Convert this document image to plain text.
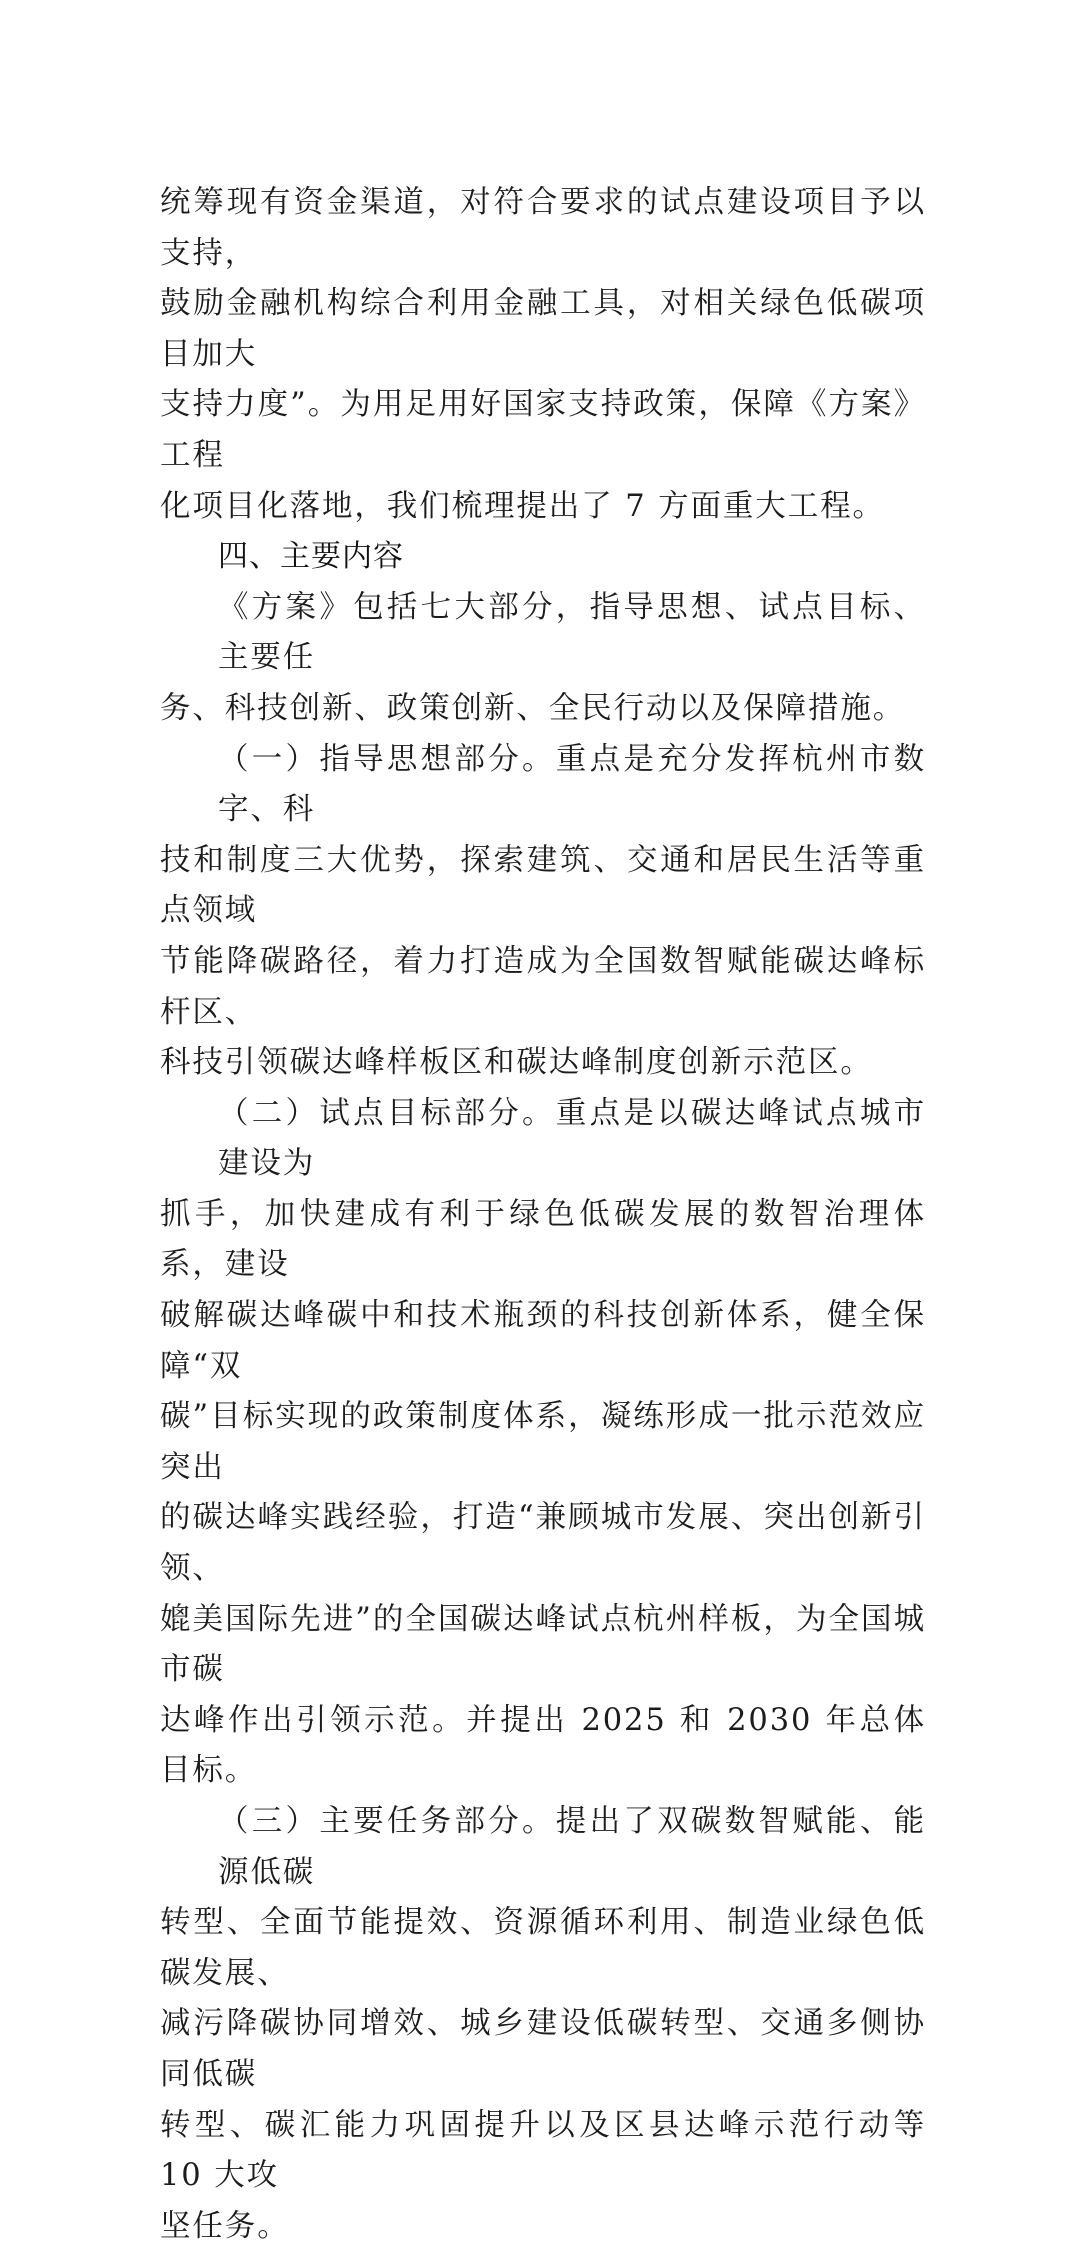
统筹现有资金渠道，对符合要求的试点建设项目予以支持，
鼓励金融机构综合利用金融工具，对相关绿色低碳项目加大
支持力度”。为用足用好国家支持政策，保障《方案》工程
化项目化落地，我们梳理提出了 7 方面重大工程。

四、主要内容

《方案》包括七大部分，指导思想、试点目标、主要任
务、科技创新、政策创新、全民行动以及保障措施。

（一）指导思想部分。重点是充分发挥杭州市数字、科
技和制度三大优势，探索建筑、交通和居民生活等重点领域
节能降碳路径，着力打造成为全国数智赋能碳达峰标杆区、
科技引领碳达峰样板区和碳达峰制度创新示范区。

（二）试点目标部分。重点是以碳达峰试点城市建设为
抓手，加快建成有利于绿色低碳发展的数智治理体系，建设
破解碳达峰碳中和技术瓶颈的科技创新体系，健全保障“双
碳”目标实现的政策制度体系，凝练形成一批示范效应突出
的碳达峰实践经验，打造“兼顾城市发展、突出创新引领、
媲美国际先进”的全国碳达峰试点杭州样板，为全国城市碳
达峰作出引领示范。并提出 2025 和 2030 年总体目标。

（三）主要任务部分。提出了双碳数智赋能、能源低碳
转型、全面节能提效、资源循环利用、制造业绿色低碳发展、
减污降碳协同增效、城乡建设低碳转型、交通多侧协同低碳
转型、碳汇能力巩固提升以及区县达峰示范行动等 10 大攻
坚任务。
